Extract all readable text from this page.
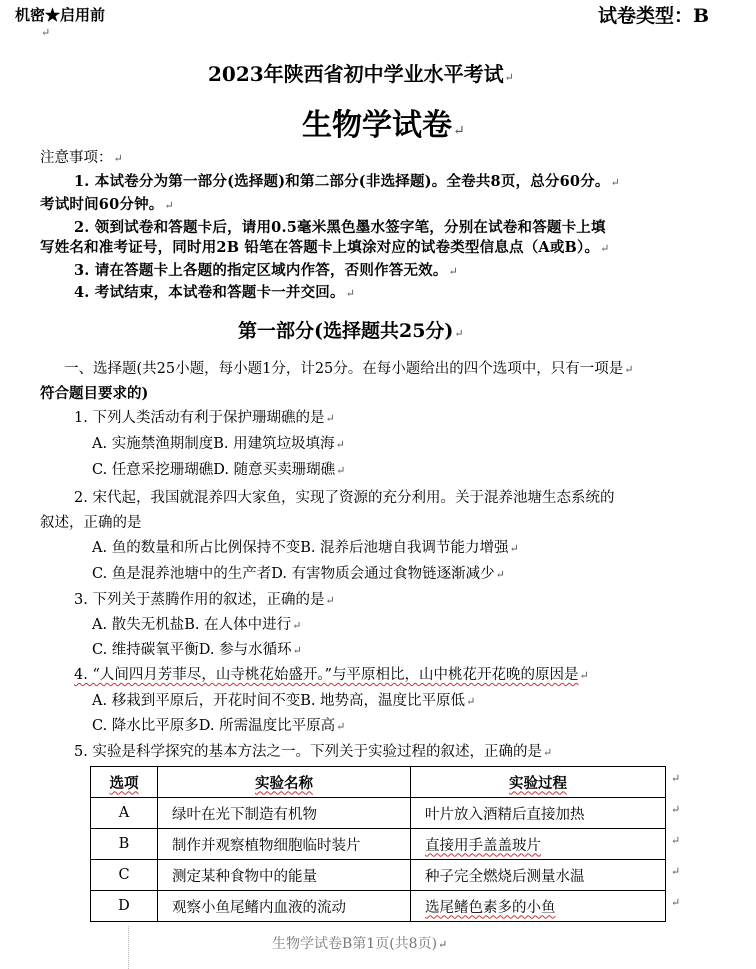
机密★启用前
↵
试卷类型：B
2023年陕西省初中学业水平考试↵
生物学试卷↵
注意事项：↵
1. 本试卷分为第一部分(选择题)和第二部分(非选择题)。全卷共8页，总分60分。↵
考试时间60分钟。↵
2. 领到试卷和答题卡后，请用0.5毫米黑色墨水签字笔，分别在试卷和答题卡上填
写姓名和准考证号，同时用2B 铅笔在答题卡上填涂对应的试卷类型信息点（A或B）。↵
3. 请在答题卡上各题的指定区域内作答，否则作答无效。↵
4. 考试结束，本试卷和答题卡一并交回。↵
第一部分(选择题共25分)↵
一、选择题(共25小题，每小题1分，计25分。在每小题给出的四个选项中，只有一项是↵
符合题目要求的)
1. 下列人类活动有利于保护珊瑚礁的是↵
A. 实施禁渔期制度B. 用建筑垃圾填海↵
C. 任意采挖珊瑚礁D. 随意买卖珊瑚礁↵
2. 宋代起，我国就混养四大家鱼，实现了资源的充分利用。关于混养池塘生态系统的
叙述，正确的是
A. 鱼的数量和所占比例保持不变B. 混养后池塘自我调节能力增强↵
C. 鱼是混养池塘中的生产者D. 有害物质会通过食物链逐渐减少↵
3. 下列关于蒸腾作用的叙述，正确的是↵
A. 散失无机盐B. 在人体中进行↵
C. 维持碳氧平衡D. 参与水循环↵
4. “人间四月芳菲尽，山寺桃花始盛开。”与平原相比，山中桃花开花晚的原因是↵
A. 移栽到平原后，开花时间不变B. 地势高，温度比平原低↵
C. 降水比平原多D. 所需温度比平原高↵
5. 实验是科学探究的基本方法之一。下列关于实验过程的叙述，正确的是↵
选项	实验名称	实验过程
A	绿叶在光下制造有机物	叶片放入酒精后直接加热
B	制作并观察植物细胞临时装片	直接用手盖盖玻片
C	测定某种食物中的能量	种子完全燃烧后测量水温
D	观察小鱼尾鳍内血液的流动	选尾鳍色素多的小鱼
↵
↵
↵
↵
↵
生物学试卷B第1页(共8页)↵
